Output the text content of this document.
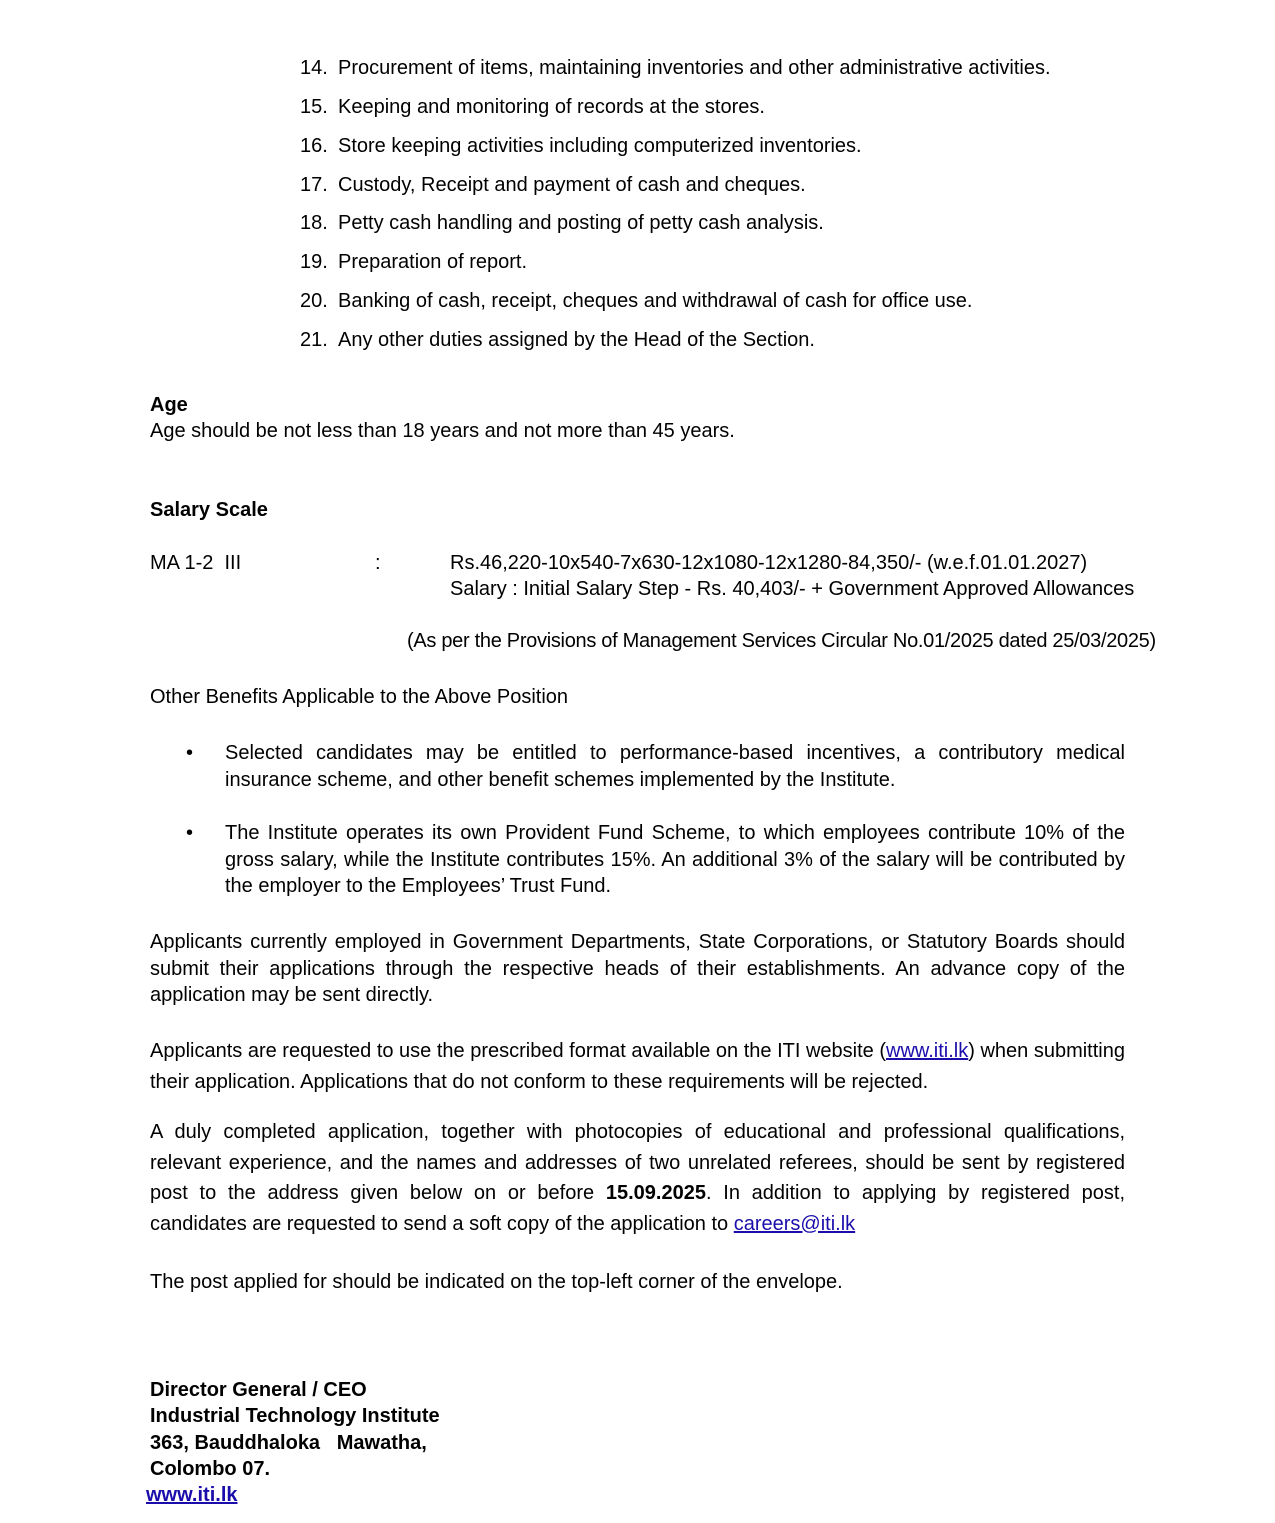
14. Procurement of items, maintaining inventories and other administrative activities.
15. Keeping and monitoring of records at the stores.
16. Store keeping activities including computerized inventories.
17. Custody, Receipt and payment of cash and cheques.
18. Petty cash handling and posting of petty cash analysis.
19. Preparation of report.
20. Banking of cash, receipt, cheques and withdrawal of cash for office use.
21. Any other duties assigned by the Head of the Section.
Age
Age should be not less than 18 years and not more than 45 years.
Salary Scale
MA 1-2  III	:	Rs.46,220-10x540-7x630-12x1080-12x1280-84,350/- (w.e.f.01.01.2027)
Salary : Initial Salary Step - Rs. 40,403/- + Government Approved Allowances
(As per the Provisions of Management Services Circular No.01/2025 dated 25/03/2025)
Other Benefits Applicable to the Above Position
• Selected candidates may be entitled to performance-based incentives, a contributory medical insurance scheme, and other benefit schemes implemented by the Institute.
• The Institute operates its own Provident Fund Scheme, to which employees contribute 10% of the gross salary, while the Institute contributes 15%. An additional 3% of the salary will be contributed by the employer to the Employees’ Trust Fund.
Applicants currently employed in Government Departments, State Corporations, or Statutory Boards should submit their applications through the respective heads of their establishments. An advance copy of the application may be sent directly.
Applicants are requested to use the prescribed format available on the ITI website (www.iti.lk) when submitting their application. Applications that do not conform to these requirements will be rejected.
A duly completed application, together with photocopies of educational and professional qualifications, relevant experience, and the names and addresses of two unrelated referees, should be sent by registered post to the address given below on or before 15.09.2025. In addition to applying by registered post, candidates are requested to send a soft copy of the application to careers@iti.lk
The post applied for should be indicated on the top-left corner of the envelope.
Director General / CEO
Industrial Technology Institute
363, Bauddhaloka   Mawatha,
Colombo 07.
www.iti.lk
